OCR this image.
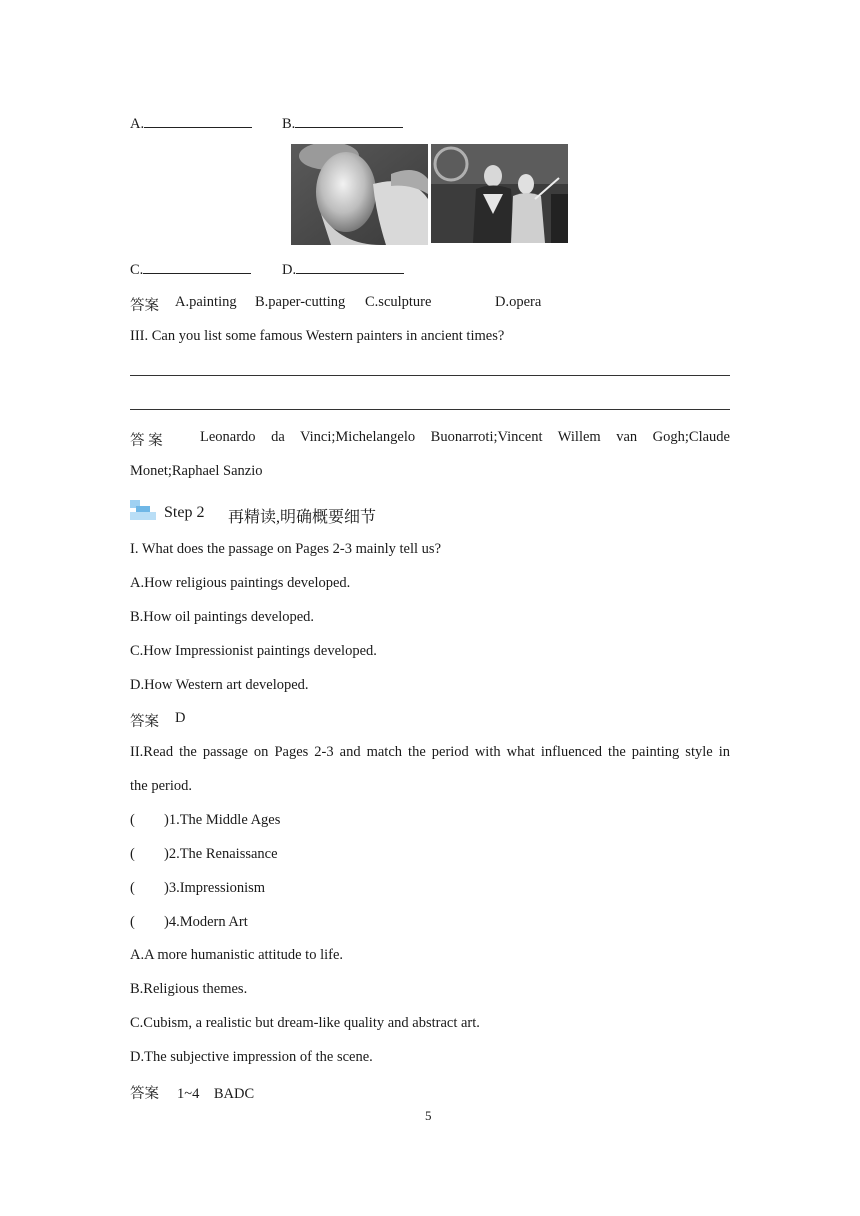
A.	B.
C.	D.
答案 A.painting B.paper-cutting C.sculpture	D.opera
III. Can you list some famous Western painters in ancient times?
答 案	Leonardo da Vinci;Michelangelo Buonarroti;Vincent Willem van Gogh;Claude
Monet;Raphael Sanzio
Step 2 再精读,明确概要细节
I. What does the passage on Pages 2-3 mainly tell us?
A.How religious paintings developed.
B.How oil paintings developed.
C.How Impressionist paintings developed.
D.How Western art developed.
答案 D
II.Read the passage on Pages 2-3 and match the period with what influenced the painting style in
the period.
( )1.The Middle Ages
( )2.The Renaissance
( )3.Impressionism
( )4.Modern Art
A.A more humanistic attitude to life.
B.Religious themes.
C.Cubism, a realistic but dream-like quality and abstract art.
D.The subjective impression of the scene.
答案 1~4　BADC
5
